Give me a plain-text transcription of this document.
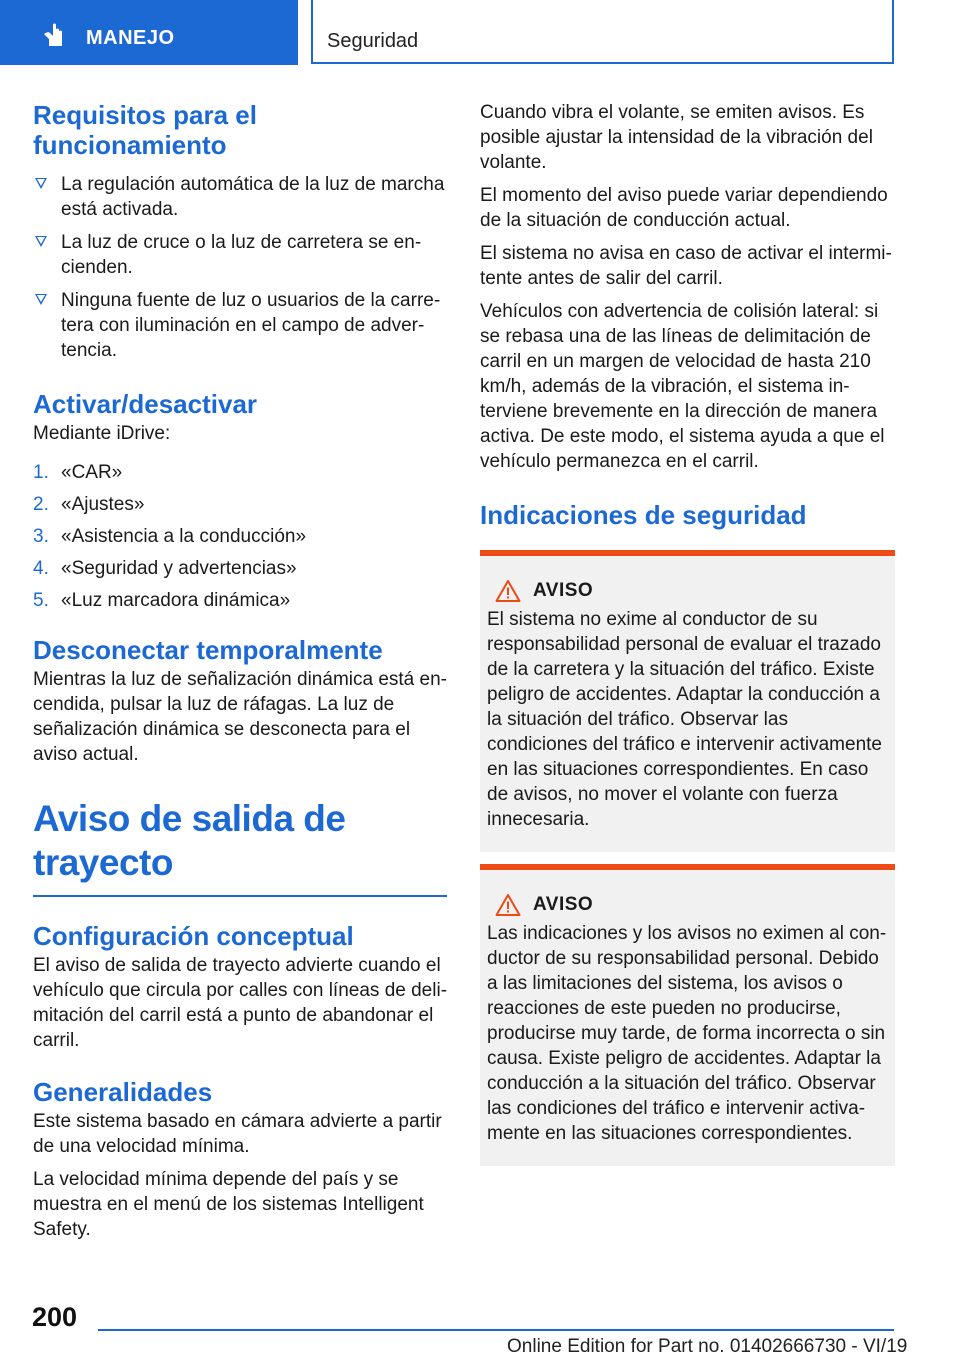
MANEJO	Seguridad
Requisitos para el funcionamiento
La regulación automática de la luz de marcha está activada.
La luz de cruce o la luz de carretera se encienden.
Ninguna fuente de luz o usuarios de la carretera con iluminación en el campo de advertencia.
Activar/desactivar

Mediante iDrive:

1. «CAR»
2. «Ajustes»
3. «Asistencia a la conducción»
4. «Seguridad y advertencias»
5. «Luz marcadora dinámica»
Desconectar temporalmente

Mientras la luz de señalización dinámica está encendida, pulsar la luz de ráfagas. La luz de señalización dinámica se desconecta para el aviso actual.

Aviso de salida de trayecto
Configuración conceptual

El aviso de salida de trayecto advierte cuando el vehículo que circula por calles con líneas de delimitación del carril está a punto de abandonar el carril.

Generalidades

Este sistema basado en cámara advierte a partir de una velocidad mínima.

La velocidad mínima depende del país y se muestra en el menú de los sistemas Intelligent Safety.

Cuando vibra el volante, se emiten avisos. Es posible ajustar la intensidad de la vibración del volante.

El momento del aviso puede variar dependiendo de la situación de conducción actual.

El sistema no avisa en caso de activar el intermitente antes de salir del carril.

Vehículos con advertencia de colisión lateral: si se rebasa una de las líneas de delimitación de carril en un margen de velocidad de hasta 210 km/h, además de la vibración, el sistema interviene brevemente en la dirección de manera activa. De este modo, el sistema ayuda a que el vehículo permanezca en el carril.

Indicaciones de seguridad
AVISO
El sistema no exime al conductor de su responsabilidad personal de evaluar el trazado de la carretera y la situación del tráfico. Existe peligro de accidentes. Adaptar la conducción a la situación del tráfico. Observar las condiciones del tráfico e intervenir activamente en las situaciones correspondientes. En caso de avisos, no mover el volante con fuerza innecesaria.
AVISO
Las indicaciones y los avisos no eximen al conductor de su responsabilidad personal. Debido a las limitaciones del sistema, los avisos o reacciones de este pueden no producirse, producirse muy tarde, de forma incorrecta o sin causa. Existe peligro de accidentes. Adaptar la conducción a la situación del tráfico. Observar las condiciones del tráfico e intervenir activamente en las situaciones correspondientes.
200
Online Edition for Part no. 01402666730 - VI/19
